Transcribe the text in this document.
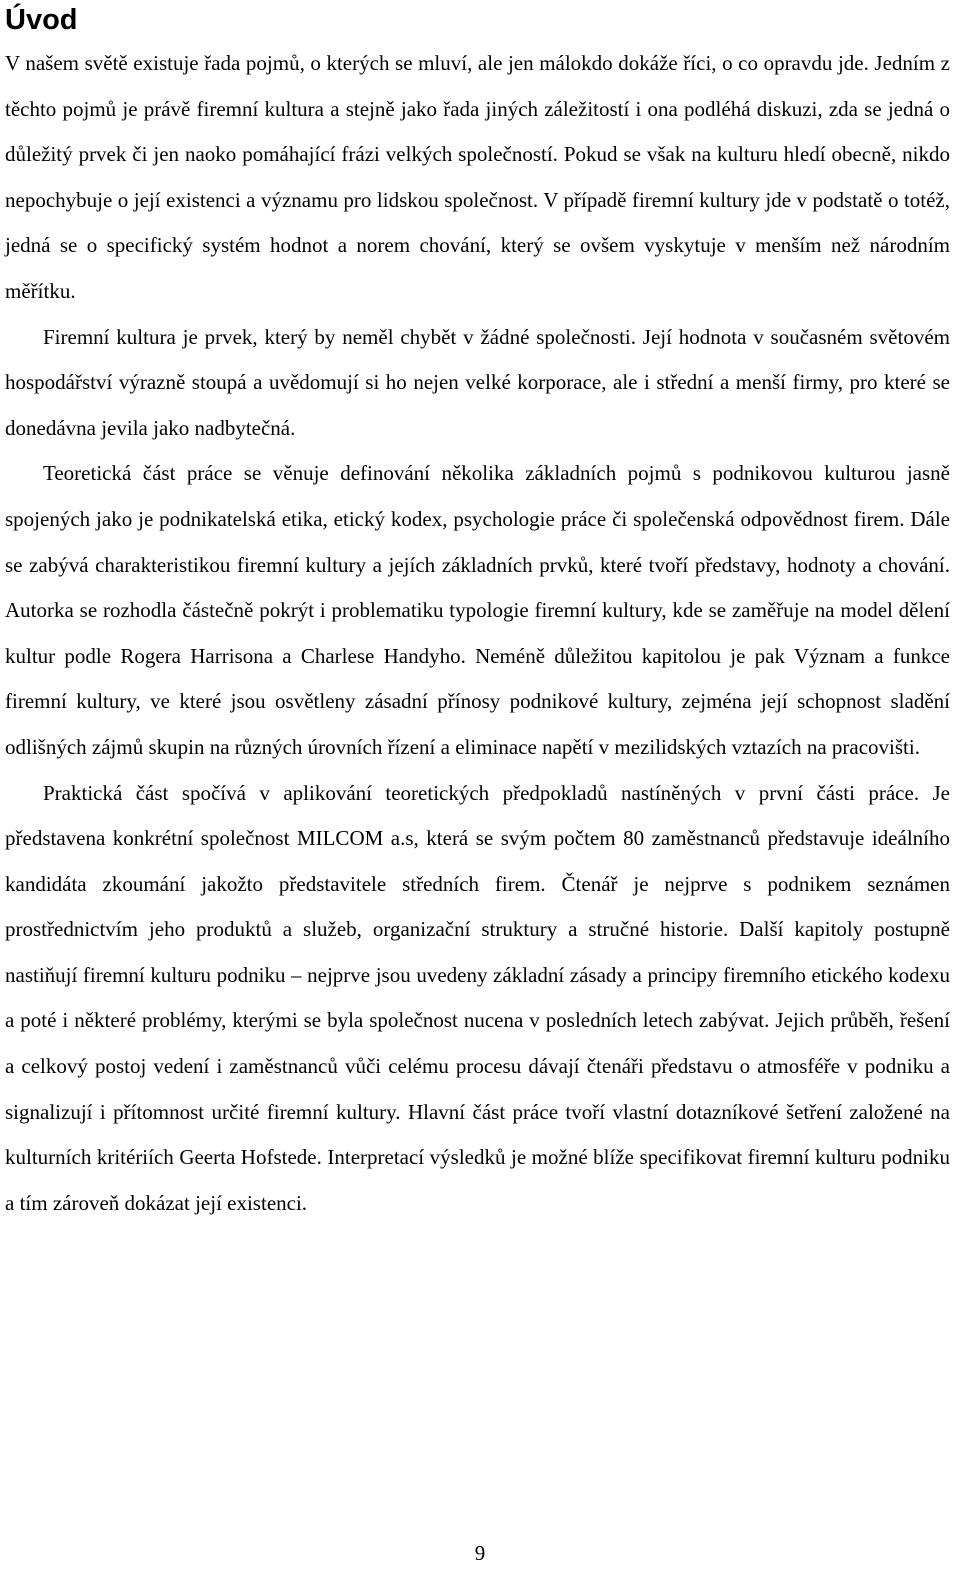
Úvod

V našem světě existuje řada pojmů, o kterých se mluví, ale jen málokdo dokáže říci, o co opravdu jde. Jedním z těchto pojmů je právě firemní kultura a stejně jako řada jiných záležitostí i ona podléhá diskuzi, zda se jedná o důležitý prvek či jen naoko pomáhající frázi velkých společností. Pokud se však na kulturu hledí obecně, nikdo nepochybuje o její existenci a významu pro lidskou společnost. V případě firemní kultury jde v podstatě o totéž, jedná se o specifický systém hodnot a norem chování, který se ovšem vyskytuje v menším než národním měřítku.

Firemní kultura je prvek, který by neměl chybět v žádné společnosti. Její hodnota v současném světovém hospodářství výrazně stoupá a uvědomují si ho nejen velké korporace, ale i střední a menší firmy, pro které se donedávna jevila jako nadbytečná.

Teoretická část práce se věnuje definování několika základních pojmů s podnikovou kulturou jasně spojených jako je podnikatelská etika, etický kodex, psychologie práce či společenská odpovědnost firem. Dále se zabývá charakteristikou firemní kultury a jejích základních prvků, které tvoří představy, hodnoty a chování. Autorka se rozhodla částečně pokrýt i problematiku typologie firemní kultury, kde se zaměřuje na model dělení kultur podle Rogera Harrisona a Charlese Handyho. Neméně důležitou kapitolou je pak Význam a funkce firemní kultury, ve které jsou osvětleny zásadní přínosy podnikové kultury, zejména její schopnost sladění odlišných zájmů skupin na různých úrovních řízení a eliminace napětí v mezilidských vztazích na pracovišti.

Praktická část spočívá v aplikování teoretických předpokladů nastíněných v první části práce. Je představena konkrétní společnost MILCOM a.s, která se svým počtem 80 zaměstnanců představuje ideálního kandidáta zkoumání jakožto představitele středních firem. Čtenář je nejprve s podnikem seznámen prostřednictvím jeho produktů a služeb, organizační struktury a stručné historie. Další kapitoly postupně nastiňují firemní kulturu podniku – nejprve jsou uvedeny základní zásady a principy firemního etického kodexu a poté i některé problémy, kterými se byla společnost nucena v posledních letech zabývat. Jejich průběh, řešení a celkový postoj vedení i zaměstnanců vůči celému procesu dávají čtenáři představu o atmosféře v podniku a signalizují i přítomnost určité firemní kultury. Hlavní část práce tvoří vlastní dotazníkové šetření založené na kulturních kritériích Geerta Hofstede. Interpretací výsledků je možné blíže specifikovat firemní kulturu podniku a tím zároveň dokázat její existenci.

9
